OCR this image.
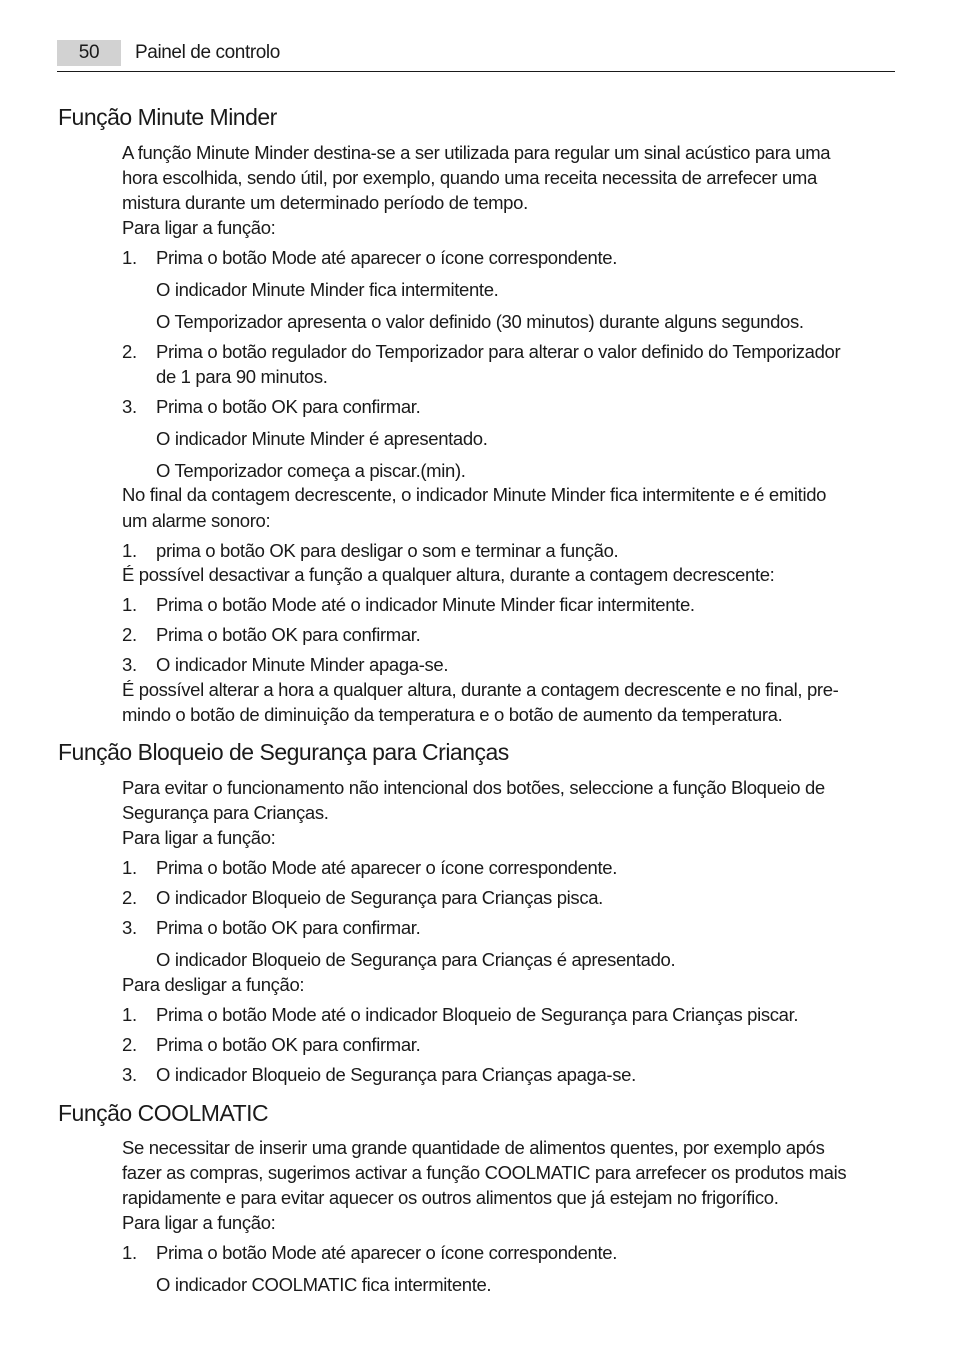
50	Painel de controlo
Função Minute Minder
A função Minute Minder destina-se a ser utilizada para regular um sinal acústico para uma
hora escolhida, sendo útil, por exemplo, quando uma receita necessita de arrefecer uma
mistura durante um determinado período de tempo.
Para ligar a função:
1. Prima o botão Mode até aparecer o ícone correspondente.
O indicador Minute Minder fica intermitente.
O Temporizador apresenta o valor definido (30 minutos) durante alguns segundos.
2. Prima o botão regulador do Temporizador para alterar o valor definido do Temporizador
de 1 para 90 minutos.
3. Prima o botão OK para confirmar.
O indicador Minute Minder é apresentado.
O Temporizador começa a piscar.(min).
No final da contagem decrescente, o indicador Minute Minder fica intermitente e é emitido
um alarme sonoro:
1. prima o botão OK para desligar o som e terminar a função.
É possível desactivar a função a qualquer altura, durante a contagem decrescente:
1. Prima o botão Mode até o indicador Minute Minder ficar intermitente.
2. Prima o botão OK para confirmar.
3. O indicador Minute Minder apaga-se.
É possível alterar a hora a qualquer altura, durante a contagem decrescente e no final, pre-
mindo o botão de diminuição da temperatura e o botão de aumento da temperatura.
Função Bloqueio de Segurança para Crianças
Para evitar o funcionamento não intencional dos botões, seleccione a função Bloqueio de
Segurança para Crianças.
Para ligar a função:
1. Prima o botão Mode até aparecer o ícone correspondente.
2. O indicador Bloqueio de Segurança para Crianças pisca.
3. Prima o botão OK para confirmar.
O indicador Bloqueio de Segurança para Crianças é apresentado.
Para desligar a função:
1. Prima o botão Mode até o indicador Bloqueio de Segurança para Crianças piscar.
2. Prima o botão OK para confirmar.
3. O indicador Bloqueio de Segurança para Crianças apaga-se.
Função COOLMATIC
Se necessitar de inserir uma grande quantidade de alimentos quentes, por exemplo após
fazer as compras, sugerimos activar a função COOLMATIC para arrefecer os produtos mais
rapidamente e para evitar aquecer os outros alimentos que já estejam no frigorífico.
Para ligar a função:
1. Prima o botão Mode até aparecer o ícone correspondente.
O indicador COOLMATIC fica intermitente.
